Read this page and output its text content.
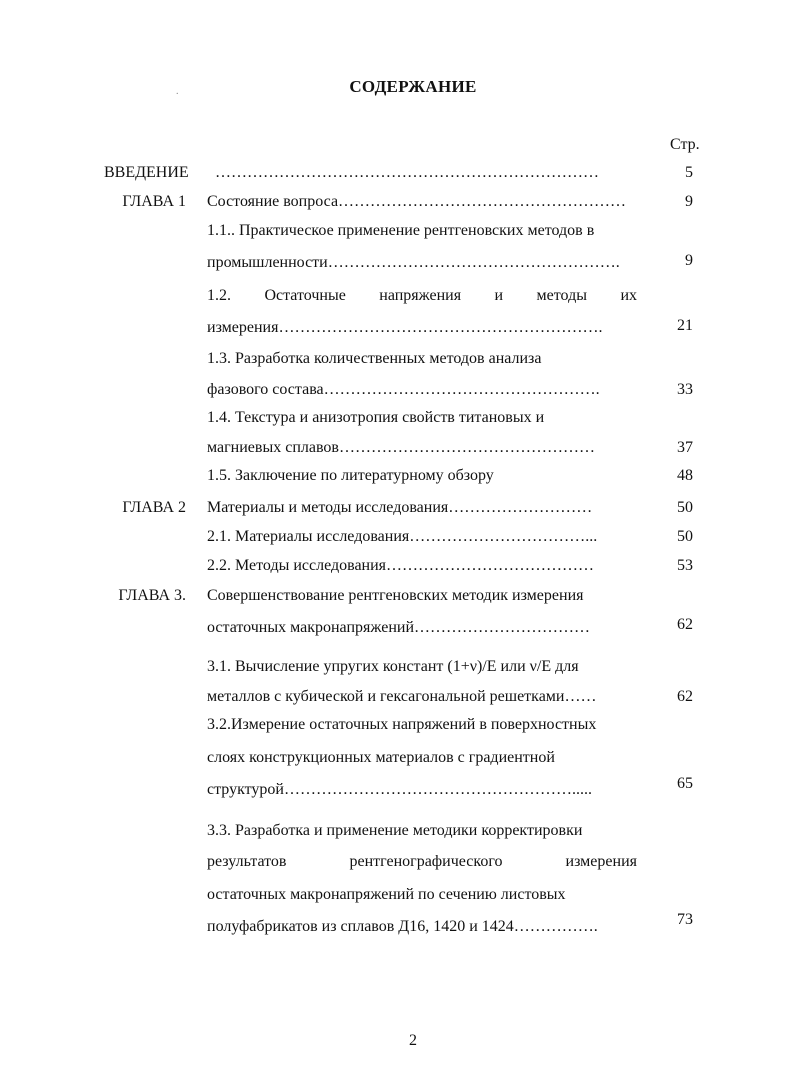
СОДЕРЖАНИЕ
.
Стр.
ВВЕДЕНИЕ ………………………………………………………………	5
ГЛАВА 1 Состояние вопроса………………………………………………	9
1.1.. Практическое применение рентгеновских методов в
промышленности……………………………………………….	9
1.2. Остаточные напряжения и методы их
измерения…………………………………………………….	21
1.3. Разработка количественных методов анализа
фазового состава…………………………………………….	33
1.4. Текстура и анизотропия свойств титановых и
магниевых сплавов…………………………………………	37
1.5. Заключение по литературному обзору	48
ГЛАВА 2 Материалы и методы исследования………………………	50
2.1. Материалы исследования……………………………...	50
2.2. Методы исследования…………………………………	53
ГЛАВА 3. Совершенствование рентгеновских методик измерения
остаточных макронапряжений……………………………	62
3.1. Вычисление упругих констант (1+ν)/Е или ν/Е для
металлов с кубической и гексагональной решетками……	62
3.2.Измерение остаточных напряжений в поверхностных
слоях конструкционных материалов с градиентной
структурой……………………………………………….....	65
3.3. Разработка и применение методики корректировки
результатов	рентгенографического	измерения
остаточных макронапряжений по сечению листовых
полуфабрикатов из сплавов Д16, 1420 и 1424…………….	73
2
